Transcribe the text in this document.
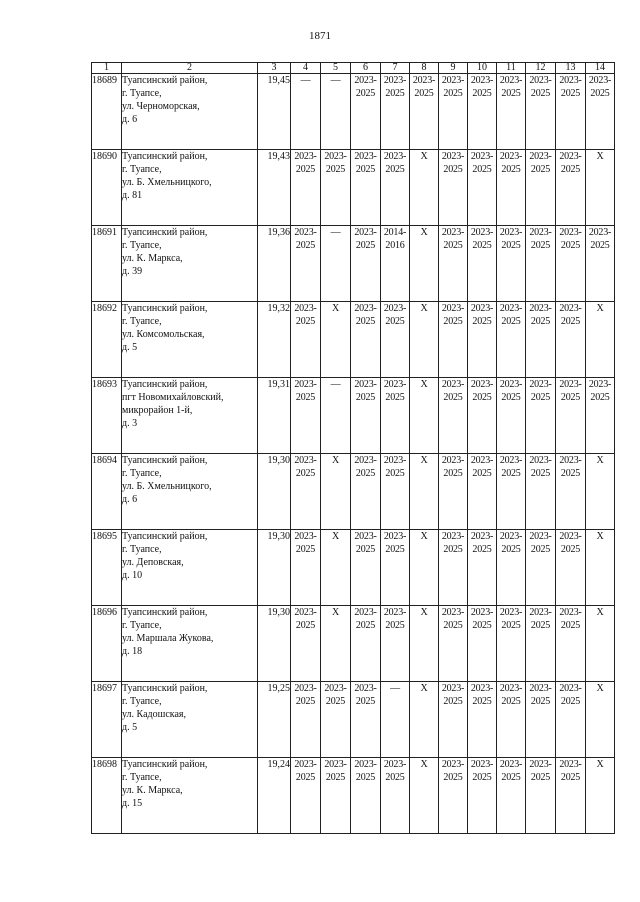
1871
1	2	3	4	5	6	7	8	9	10	11	12	13	14
18689	Туапсинский район,
г. Туапсе,
ул. Черноморская,
д. 6	19,45	—	—	2023-
2025	2023-
2025	2023-
2025	2023-
2025	2023-
2025	2023-
2025	2023-
2025	2023-
2025	2023-
2025

18690	Туапсинский район,
г. Туапсе,
ул. Б. Хмельницкого,
д. 81	19,43	2023-
2025	2023-
2025	2023-
2025	2023-
2025	X	2023-
2025	2023-
2025	2023-
2025	2023-
2025	2023-
2025	X

18691	Туапсинский район,
г. Туапсе,
ул. К. Маркса,
д. 39	19,36	2023-
2025	—	2023-
2025	2014-
2016	X	2023-
2025	2023-
2025	2023-
2025	2023-
2025	2023-
2025	2023-
2025

18692	Туапсинский район,
г. Туапсе,
ул. Комсомольская,
д. 5	19,32	2023-
2025	X	2023-
2025	2023-
2025	X	2023-
2025	2023-
2025	2023-
2025	2023-
2025	2023-
2025	X

18693	Туапсинский район,
пгт Новомихайловский,
микрорайон 1-й,
д. 3	19,31	2023-
2025	—	2023-
2025	2023-
2025	X	2023-
2025	2023-
2025	2023-
2025	2023-
2025	2023-
2025	2023-
2025

18694	Туапсинский район,
г. Туапсе,
ул. Б. Хмельницкого,
д. 6	19,30	2023-
2025	X	2023-
2025	2023-
2025	X	2023-
2025	2023-
2025	2023-
2025	2023-
2025	2023-
2025	X

18695	Туапсинский район,
г. Туапсе,
ул. Деповская,
д. 10	19,30	2023-
2025	X	2023-
2025	2023-
2025	X	2023-
2025	2023-
2025	2023-
2025	2023-
2025	2023-
2025	X

18696	Туапсинский район,
г. Туапсе,
ул. Маршала Жукова,
д. 18	19,30	2023-
2025	X	2023-
2025	2023-
2025	X	2023-
2025	2023-
2025	2023-
2025	2023-
2025	2023-
2025	X

18697	Туапсинский район,
г. Туапсе,
ул. Кадошская,
д. 5	19,25	2023-
2025	2023-
2025	2023-
2025	—	X	2023-
2025	2023-
2025	2023-
2025	2023-
2025	2023-
2025	X

18698	Туапсинский район,
г. Туапсе,
ул. К. Маркса,
д. 15	19,24	2023-
2025	2023-
2025	2023-
2025	2023-
2025	X	2023-
2025	2023-
2025	2023-
2025	2023-
2025	2023-
2025	X
